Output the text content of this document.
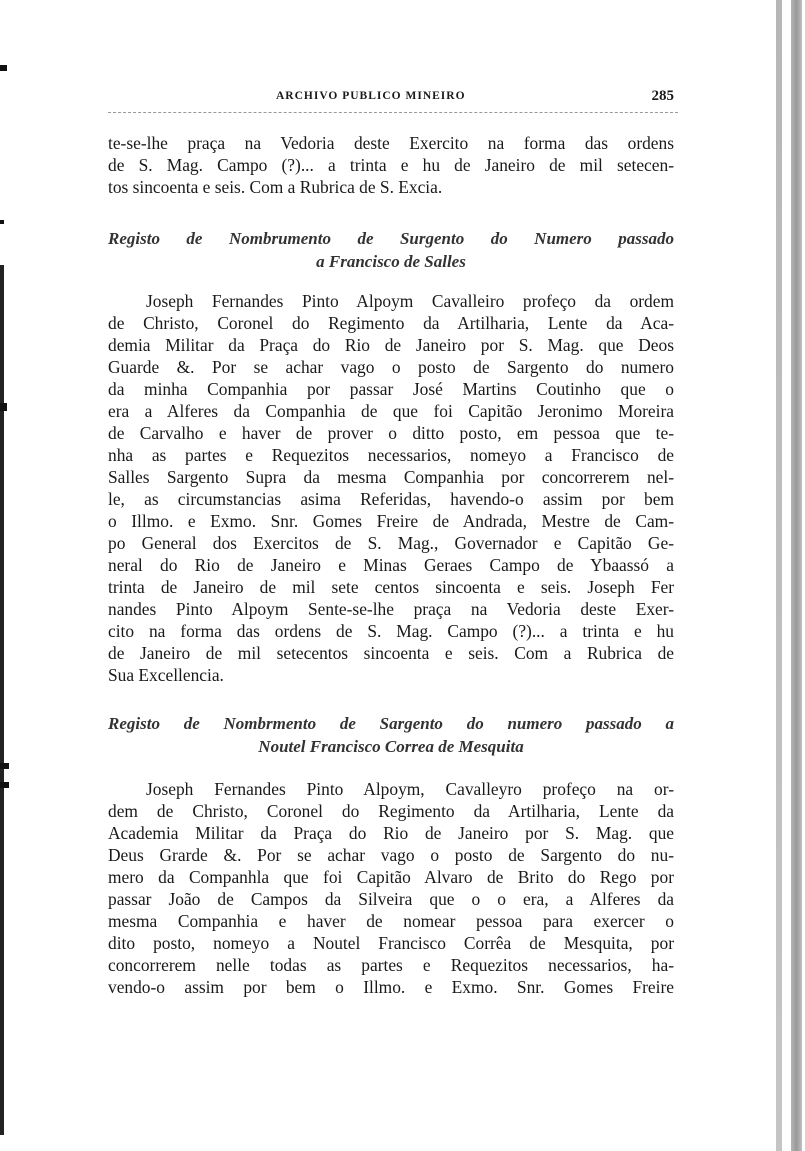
ARCHIVO PUBLICO MINEIRO	285
te-se-lhe praça na Vedoria deste Exercito na forma das ordens
de S. Mag. Campo (?)... a trinta e hu de Janeiro de mil setecen-
tos sincoenta e seis. Com a Rubrica de S. Excia.
Registo de Nombrumento de Surgento do Numero passado
a Francisco de Salles
Joseph Fernandes Pinto Alpoym Cavalleiro profeço da ordem
de Christo, Coronel do Regimento da Artilharia, Lente da Aca-
demia Militar da Praça do Rio de Janeiro por S. Mag. que Deos
Guarde &. Por se achar vago o posto de Sargento do numero
da minha Companhia por passar José Martins Coutinho que o
era a Alferes da Companhia de que foi Capitão Jeronimo Moreira
de Carvalho e haver de prover o ditto posto, em pessoa que te-
nha as partes e Requezitos necessarios, nomeyo a Francisco de
Salles Sargento Supra da mesma Companhia por concorrerem nel-
le, as circumstancias asima Referidas, havendo-o assim por bem
o Illmo. e Exmo. Snr. Gomes Freire de Andrada, Mestre de Cam-
po General dos Exercitos de S. Mag., Governador e Capitão Ge-
neral do Rio de Janeiro e Minas Geraes Campo de Ybaassó a
trinta de Janeiro de mil sete centos sincoenta e seis. Joseph Fer
nandes Pinto Alpoym Sente-se-lhe praça na Vedoria deste Exer-
cito na forma das ordens de S. Mag. Campo (?)... a trinta e hu
de Janeiro de mil setecentos sincoenta e seis. Com a Rubrica de
Sua Excellencia.
Registo de Nombrmento de Sargento do numero passado a
Noutel Francisco Correa de Mesquita
Joseph Fernandes Pinto Alpoym, Cavalleyro profeço na or-
dem de Christo, Coronel do Regimento da Artilharia, Lente da
Academia Militar da Praça do Rio de Janeiro por S. Mag. que
Deus Grarde &. Por se achar vago o posto de Sargento do nu-
mero da Companhla que foi Capitão Alvaro de Brito do Rego por
passar João de Campos da Silveira que o o era, a Alferes da
mesma Companhia e haver de nomear pessoa para exercer o
dito posto, nomeyo a Noutel Francisco Corrêa de Mesquita, por
concorrerem nelle todas as partes e Requezitos necessarios, ha-
vendo-o assim por bem o Illmo. e Exmo. Snr. Gomes Freire
